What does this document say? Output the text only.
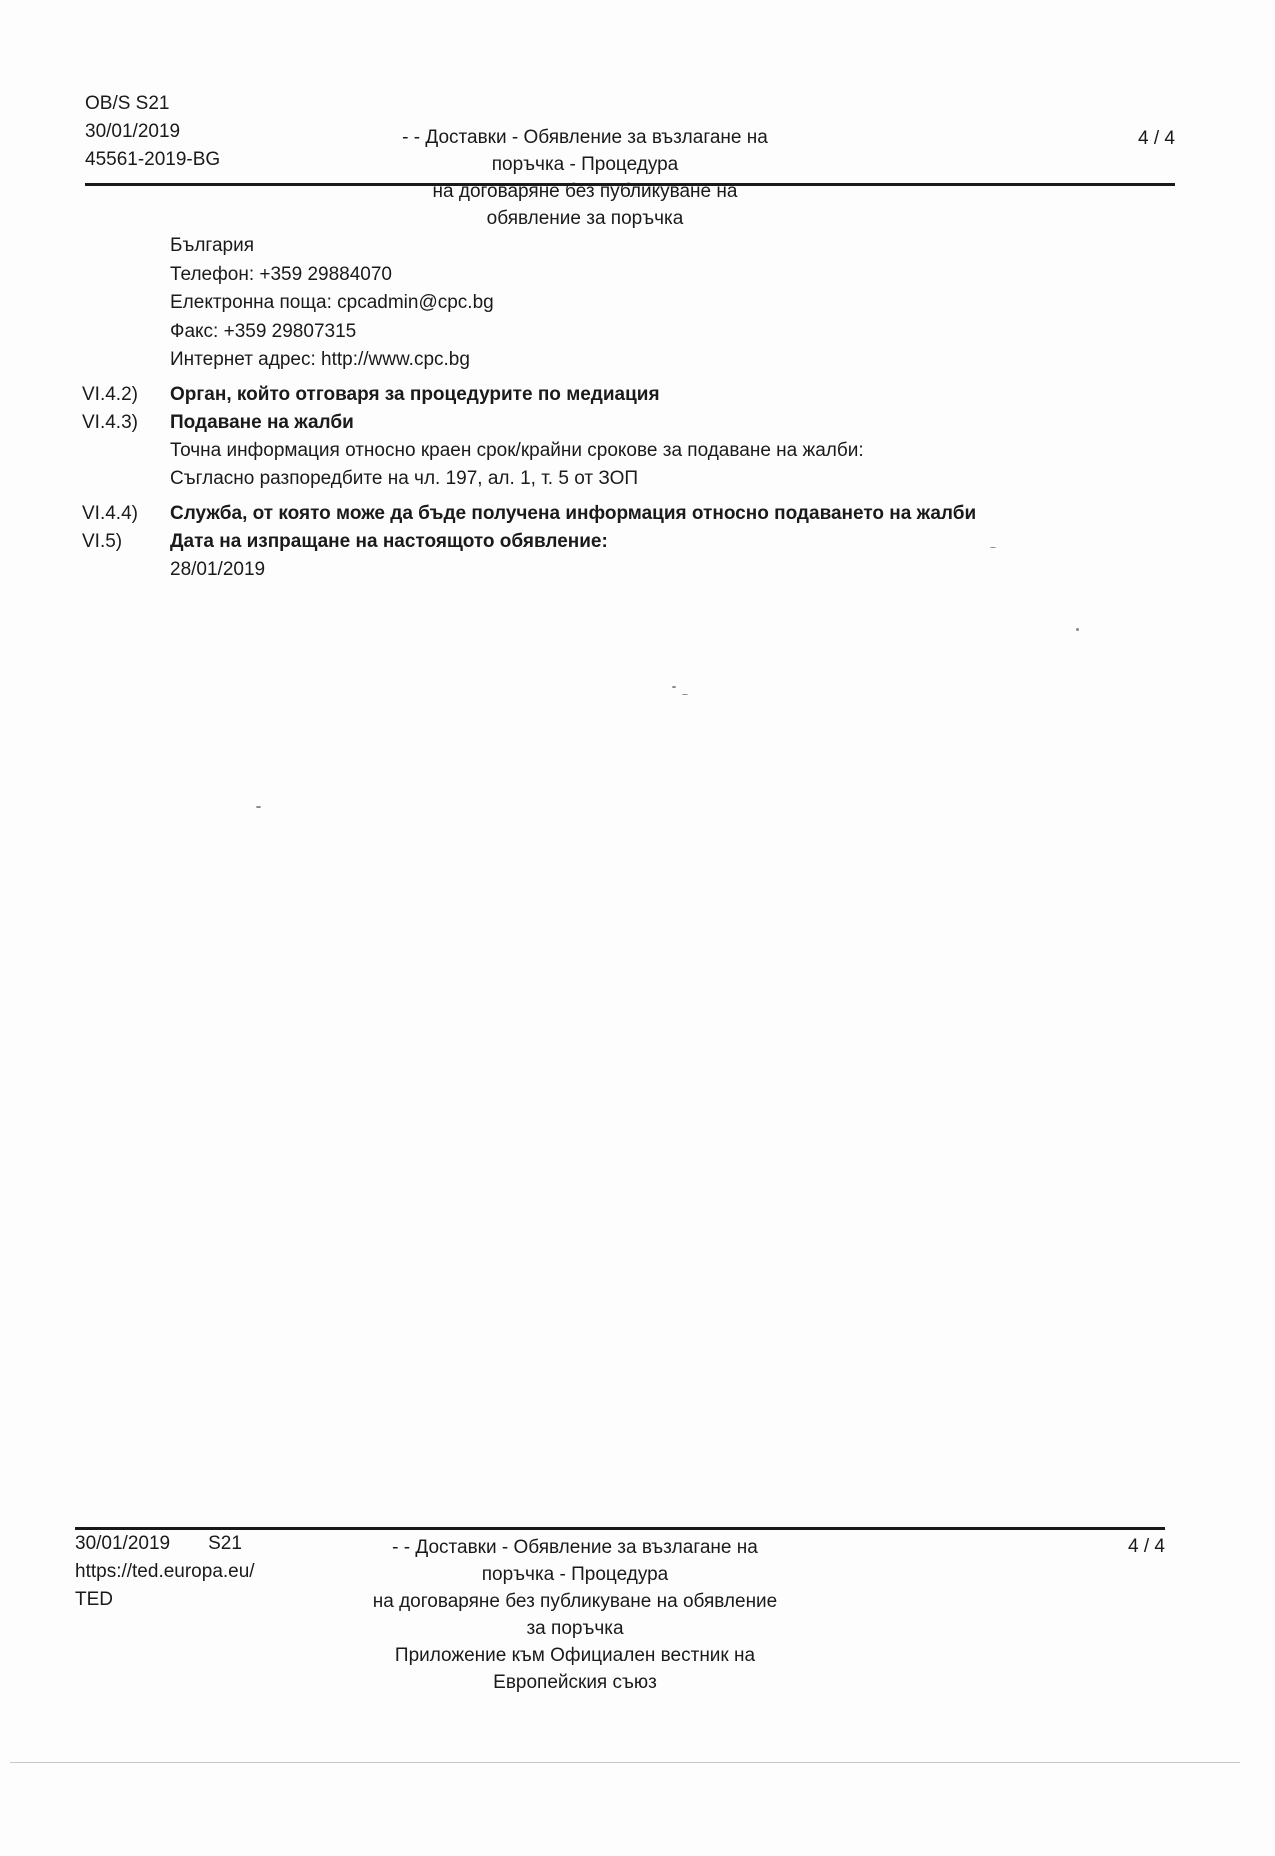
OB/S S21
30/01/2019
45561-2019-BG
- - Доставки - Обявление за възлагане на поръчка - Процедура
на договаряне без публикуване на обявление за поръчка
4 / 4
България
Телефон: +359 29884070
Електронна поща: cpcadmin@cpc.bg
Факс: +359 29807315
Интернет адрес: http://www.cpc.bg
VI.4.2)	Орган, който отговаря за процедурите по медиация
VI.4.3)	Подаване на жалби
Точна информация относно краен срок/крайни срокове за подаване на жалби:
Съгласно разпоредбите на чл. 197, ал. 1, т. 5 от ЗОП
VI.4.4)	Служба, от която може да бъде получена информация относно подаването на жалби
VI.5)	Дата на изпращане на настоящото обявление:
28/01/2019
30/01/2019 S21
https://ted.europa.eu/
TED
- - Доставки - Обявление за възлагане на поръчка - Процедура
на договаряне без публикуване на обявление за поръчка
Приложение към Официален вестник на Европейския съюз
4 / 4
